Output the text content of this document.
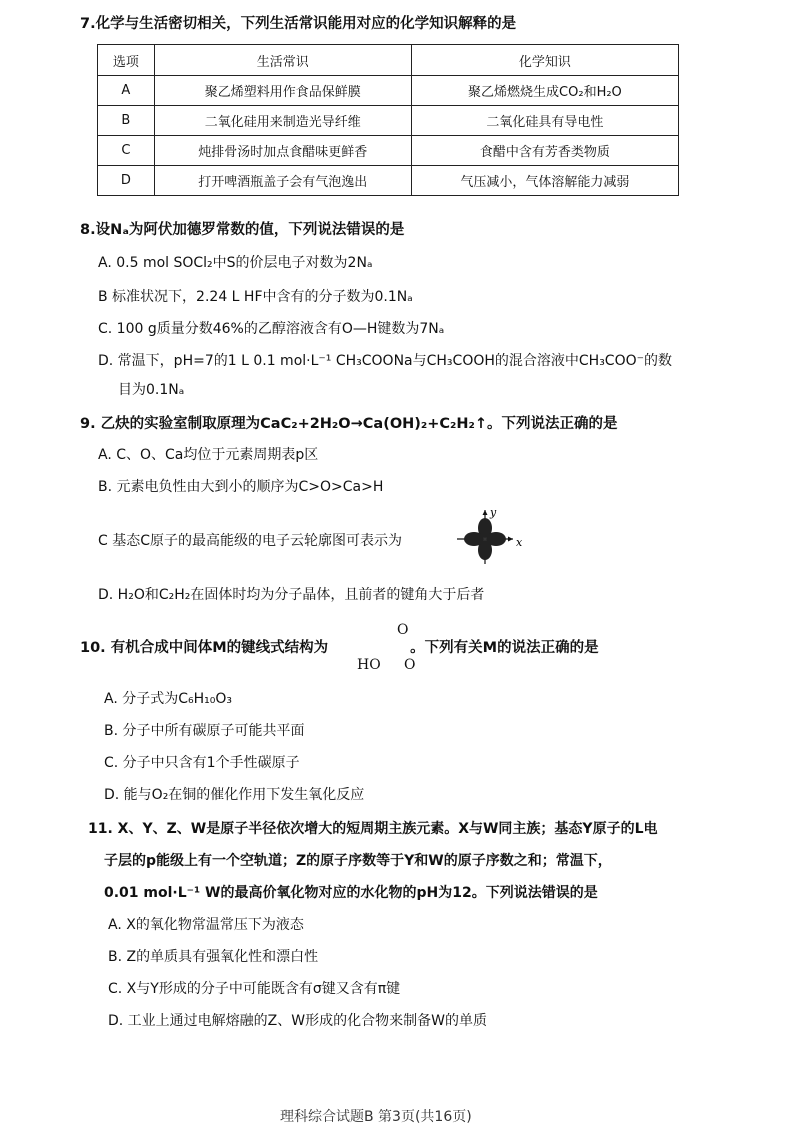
7.化学与生活密切相关，下列生活常识能用对应的化学知识解释的是
选项	生活常识	化学知识
A	聚乙烯塑料用作食品保鲜膜	聚乙烯燃烧生成CO₂和H₂O
B	二氧化硅用来制造光导纤维	二氧化硅具有导电性
C	炖排骨汤时加点食醋味更鲜香	食醋中含有芳香类物质
D	打开啤酒瓶盖子会有气泡逸出	气压减小，气体溶解能力减弱
8.设Nₐ为阿伏加德罗常数的值，下列说法错误的是
A. 0.5 mol SOCl₂中S的价层电子对数为2Nₐ
B 标准状况下，2.24 L HF中含有的分子数为0.1Nₐ
C. 100 g质量分数46%的乙醇溶液含有O—H键数为7Nₐ
D. 常温下，pH=7的1 L 0.1 mol·L⁻¹ CH₃COONa与CH₃COOH的混合溶液中CH₃COO⁻的数
目为0.1Nₐ
9. 乙炔的实验室制取原理为CaC₂+2H₂O→Ca(OH)₂+C₂H₂↑。下列说法正确的是
A. C、O、Ca均位于元素周期表p区
B. 元素电负性由大到小的顺序为C>O>Ca>H
C 基态C原子的最高能级的电子云轮廓图可表示为
y
x
D. H₂O和C₂H₂在固体时均为分子晶体，且前者的键角大于后者
10. 有机合成中间体M的键线式结构为	。下列有关M的说法正确的是
O
HO O
A. 分子式为C₆H₁₀O₃
B. 分子中所有碳原子可能共平面
C. 分子中只含有1个手性碳原子
D. 能与O₂在铜的催化作用下发生氧化反应
11. X、Y、Z、W是原子半径依次增大的短周期主族元素。X与W同主族；基态Y原子的L电
子层的p能级上有一个空轨道；Z的原子序数等于Y和W的原子序数之和；常温下，
0.01 mol·L⁻¹ W的最高价氧化物对应的水化物的pH为12。下列说法错误的是
A. X的氧化物常温常压下为液态
B. Z的单质具有强氧化性和漂白性
C. X与Y形成的分子中可能既含有σ键又含有π键
D. 工业上通过电解熔融的Z、W形成的化合物来制备W的单质
理科综合试题B 第3页(共16页)
